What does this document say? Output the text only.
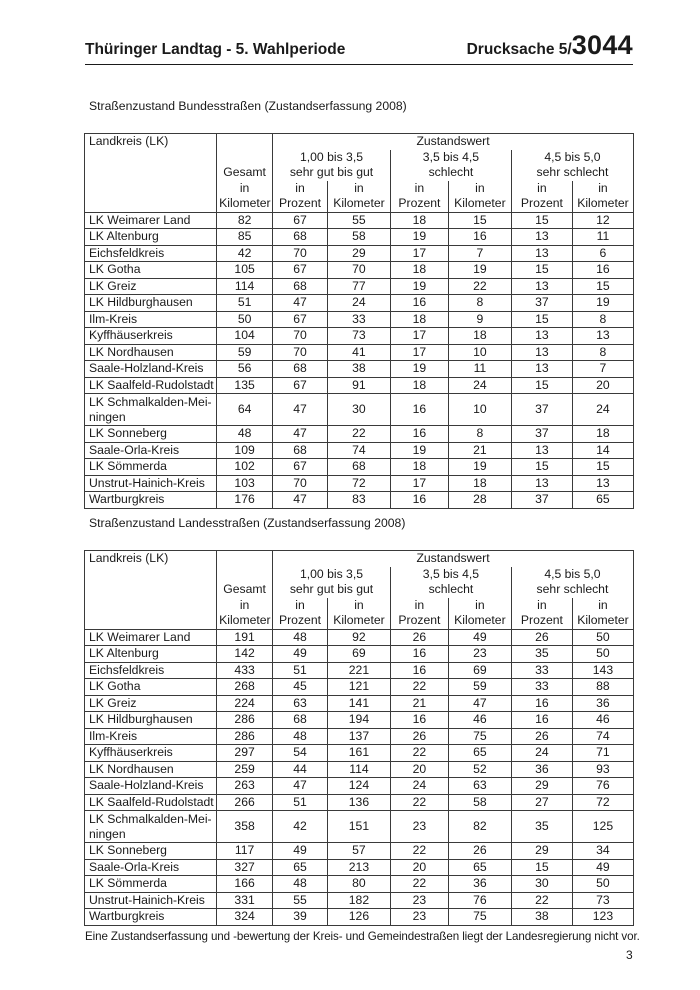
Thüringer Landtag - 5. Wahlperiode	Drucksache 5/3044
Straßenzustand Bundesstraßen (Zustandserfassung 2008)
Landkreis (LK)		Zustandswert					
		1,00 bis 3,5		3,5 bis 4,5		4,5 bis 5,0	
	Gesamt	sehr gut bis gut		schlecht		sehr schlecht	
	in	in	in	in	in	in	in
	Kilometer	Prozent	Kilometer	Prozent	Kilometer	Prozent	Kilometer
LK Weimarer Land	82	67	55	18	15	15	12
LK Altenburg	85	68	58	19	16	13	11
Eichsfeldkreis	42	70	29	17	7	13	6
LK Gotha	105	67	70	18	19	15	16
LK Greiz	114	68	77	19	22	13	15
LK Hildburghausen	51	47	24	16	8	37	19
Ilm-Kreis	50	67	33	18	9	15	8
Kyffhäuserkreis	104	70	73	17	18	13	13
LK Nordhausen	59	70	41	17	10	13	8
Saale-Holzland-Kreis	56	68	38	19	11	13	7
LK Saalfeld-Rudolstadt	135	67	91	18	24	15	20
LK Schmalkalden-Mei-
ningen	64	47	30	16	10	37	24
LK Sonneberg	48	47	22	16	8	37	18
Saale-Orla-Kreis	109	68	74	19	21	13	14
LK Sömmerda	102	67	68	18	19	15	15
Unstrut-Hainich-Kreis	103	70	72	17	18	13	13
Wartburgkreis	176	47	83	16	28	37	65
Straßenzustand Landesstraßen (Zustandserfassung 2008)
Landkreis (LK)		Zustandswert					
		1,00 bis 3,5		3,5 bis 4,5		4,5 bis 5,0	
	Gesamt	sehr gut bis gut		schlecht		sehr schlecht	
	in	in	in	in	in	in	in
	Kilometer	Prozent	Kilometer	Prozent	Kilometer	Prozent	Kilometer
LK Weimarer Land	191	48	92	26	49	26	50
LK Altenburg	142	49	69	16	23	35	50
Eichsfeldkreis	433	51	221	16	69	33	143
LK Gotha	268	45	121	22	59	33	88
LK Greiz	224	63	141	21	47	16	36
LK Hildburghausen	286	68	194	16	46	16	46
Ilm-Kreis	286	48	137	26	75	26	74
Kyffhäuserkreis	297	54	161	22	65	24	71
LK Nordhausen	259	44	114	20	52	36	93
Saale-Holzland-Kreis	263	47	124	24	63	29	76
LK Saalfeld-Rudolstadt	266	51	136	22	58	27	72
LK Schmalkalden-Mei-
ningen	358	42	151	23	82	35	125
LK Sonneberg	117	49	57	22	26	29	34
Saale-Orla-Kreis	327	65	213	20	65	15	49
LK Sömmerda	166	48	80	22	36	30	50
Unstrut-Hainich-Kreis	331	55	182	23	76	22	73
Wartburgkreis	324	39	126	23	75	38	123
Eine Zustandserfassung und -bewertung der Kreis- und Gemeindestraßen liegt der Landesregierung nicht vor.
3
